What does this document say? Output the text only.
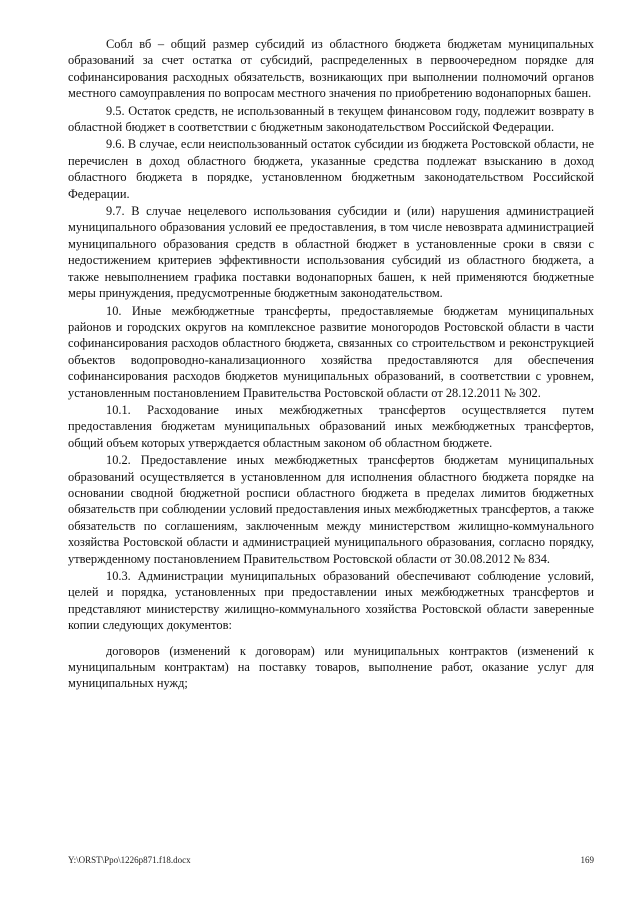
Собл вб – общий размер субсидий из областного бюджета бюджетам муниципальных образований за счет остатка от субсидий, распределенных в первоочередном порядке для софинансирования расходных обязательств, возникающих при выполнении полномочий органов местного самоуправления по вопросам местного значения по приобретению водонапорных башен.

9.5. Остаток средств, не использованный в текущем финансовом году, подлежит возврату в областной бюджет в соответствии с бюджетным законодательством Российской Федерации.

9.6. В случае, если неиспользованный остаток субсидии из бюджета Ростовской области, не перечислен в доход областного бюджета, указанные средства подлежат взысканию в доход областного бюджета в порядке, установленном бюджетным законодательством Российской Федерации.

9.7. В случае нецелевого использования субсидии и (или) нарушения администрацией муниципального образования условий ее предоставления, в том числе невозврата администрацией муниципального образования средств в областной бюджет в установленные сроки в связи с недостижением критериев эффективности использования субсидий из областного бюджета, а также невыполнением графика поставки водонапорных башен, к ней применяются бюджетные меры принуждения, предусмотренные бюджетным законодательством.

10. Иные межбюджетные трансферты, предоставляемые бюджетам муниципальных районов и городских округов на комплексное развитие моногородов Ростовской области в части софинансирования расходов областного бюджета, связанных со строительством и реконструкцией объектов водопроводно-канализационного хозяйства предоставляются для обеспечения софинансирования расходов бюджетов муниципальных образований, в соответствии с уровнем, установленным постановлением Правительства Ростовской области от 28.12.2011 № 302.

10.1. Расходование иных межбюджетных трансфертов осуществляется путем предоставления бюджетам муниципальных образований иных межбюджетных трансфертов, общий объем которых утверждается областным законом об областном бюджете.

10.2. Предоставление иных межбюджетных трансфертов бюджетам муниципальных образований осуществляется в установленном для исполнения областного бюджета порядке на основании сводной бюджетной росписи областного бюджета в пределах лимитов бюджетных обязательств при соблюдении условий предоставления иных межбюджетных трансфертов, а также обязательств по соглашениям, заключенным между министерством жилищно-коммунального хозяйства Ростовской области и администрацией муниципального образования, согласно порядку, утвержденному постановлением Правительством Ростовской области от 30.08.2012 № 834.

10.3. Администрации муниципальных образований обеспечивают соблюдение условий, целей и порядка, установленных при предоставлении иных межбюджетных трансфертов и представляют министерству жилищно-коммунального хозяйства Ростовской области заверенные копии следующих документов:

договоров (изменений к договорам) или муниципальных контрактов (изменений к муниципальным контрактам) на поставку товаров, выполнение работ, оказание услуг для муниципальных нужд;

Y:\ORST\Ppo\1226p871.f18.docx	169
